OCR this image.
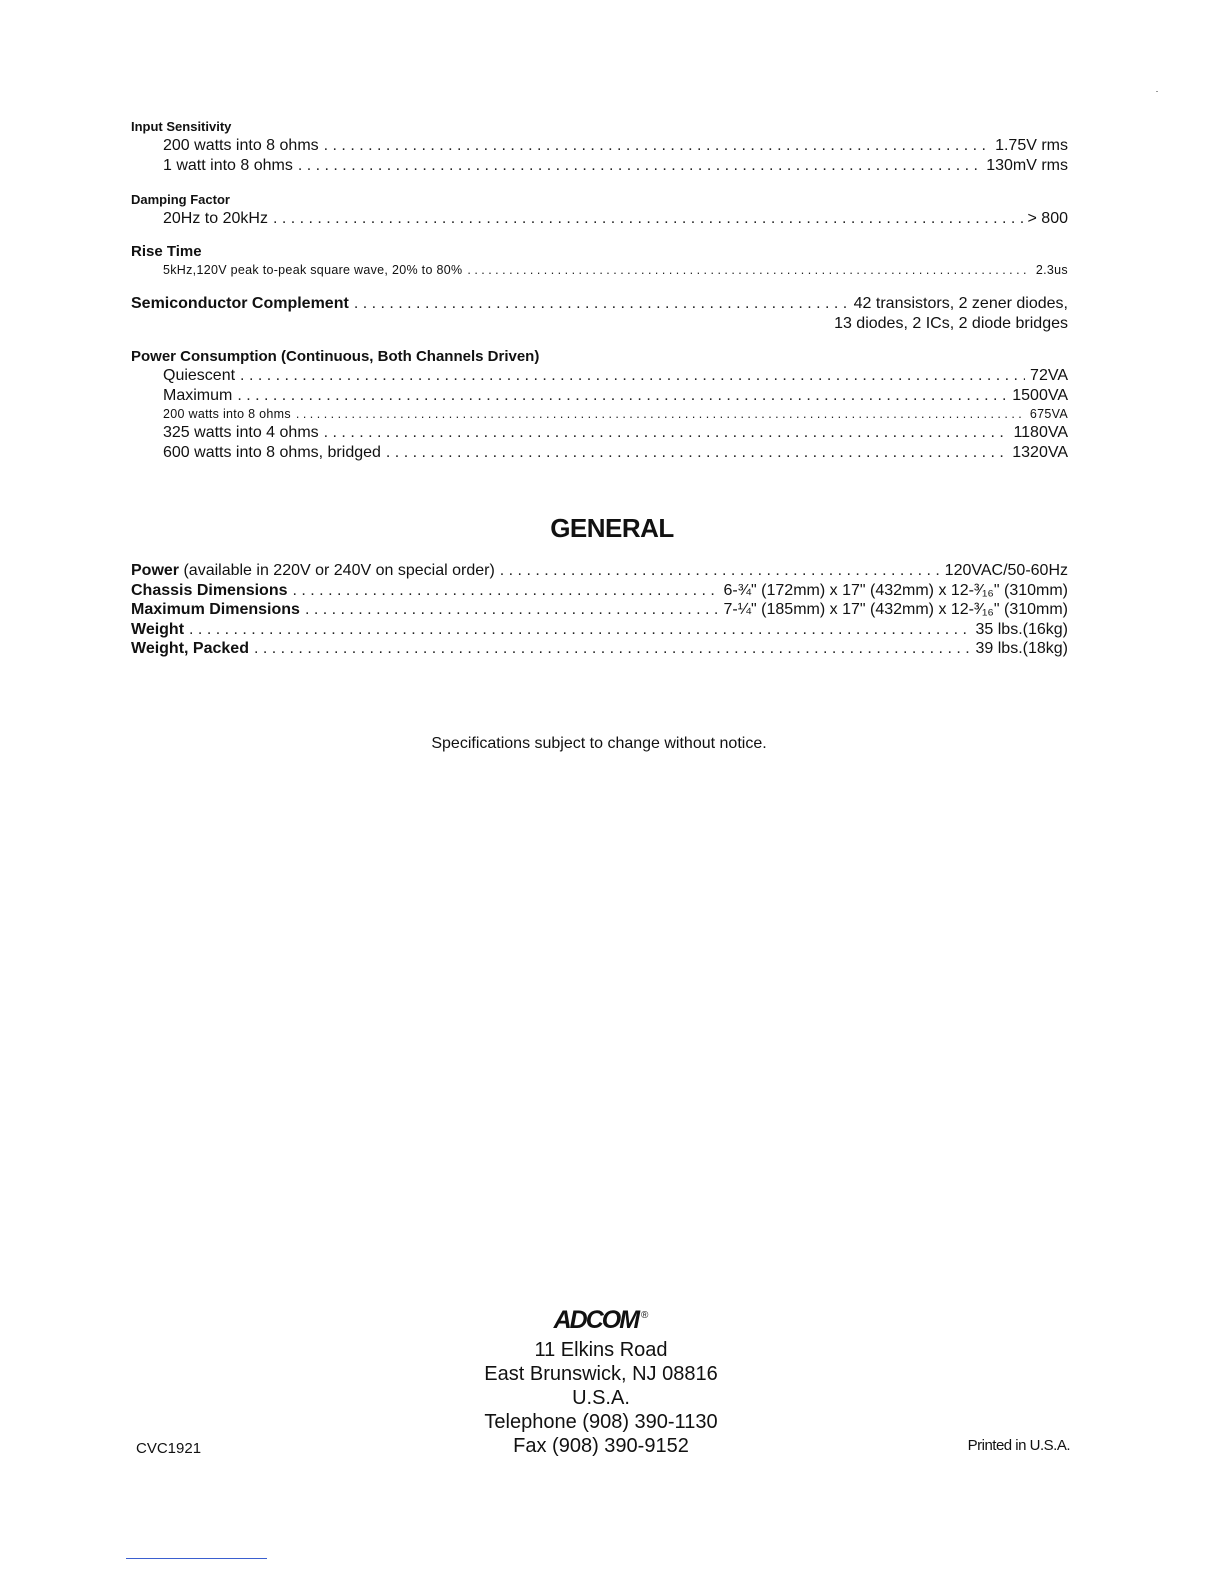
Input Sensitivity
200 watts into 8 ohms . . .	1.75V rms
1 watt into 8 ohms . . .	130mV rms
Damping Factor
20Hz to 20kHz . . .	> 800
Rise Time
5kHz,120V peak to-peak square wave, 20% to 80% . . .	2.3us
Semiconductor Complement . . .	42 transistors, 2 zener diodes,
13 diodes, 2 ICs, 2 diode bridges
Power Consumption (Continuous, Both Channels Driven)
Quiescent . . .	72VA
Maximum . . .	1500VA
200 watts into 8 ohms . . .	675VA
325 watts into 4 ohms . . .	1180VA
600 watts into 8 ohms, bridged . . .	1320VA
GENERAL
Power (available in 220V or 240V on special order) . . .	120VAC/50-60Hz
Chassis Dimensions . . .	6-¾" (172mm) x 17" (432mm) x 12-³⁄₁₆" (310mm)
Maximum Dimensions . . .	7-¼" (185mm) x 17" (432mm) x 12-³⁄₁₆" (310mm)
Weight . . .	35 lbs.(16kg)
Weight, Packed . . .	39 lbs.(18kg)
Specifications subject to change without notice.
ADCOM ®
11 Elkins Road
East Brunswick, NJ 08816
U.S.A.
Telephone (908) 390-1130
Fax (908) 390-9152
CVC1921	Printed in U.S.A.
